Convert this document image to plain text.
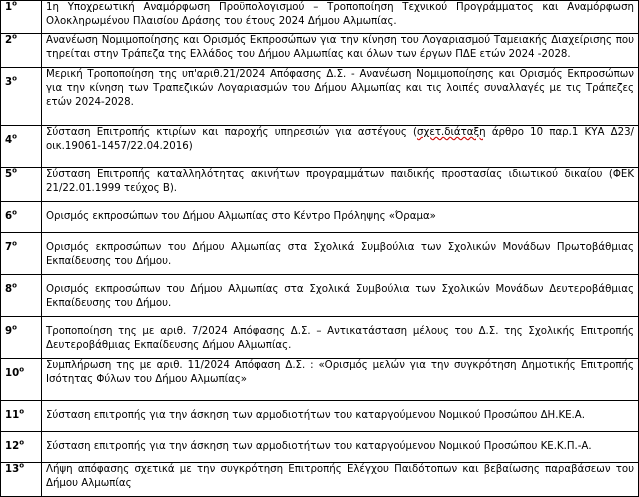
$1^o$	1η Υποχρεωτική Αναμόρφωση Προϋπολογισμού – Τροποποίηση Τεχνικού Προγράμματος και Αναμόρφωση Ολοκληρωμένου Πλαισίου Δράσης του έτους 2024 Δήμου Αλμωπίας.
$2^o$	Ανανέωση Νομιμοποίησης και Ορισμός Εκπροσώπων για την κίνηση του Λογαριασμού Ταμειακής Διαχείρισης που τηρείται στην Τράπεζα της Ελλάδος του Δήμου Αλμωπίας και όλων των έργων ΠΔΕ ετών 2024 -2028.
$3^o$	Μερική Τροποποίηση της υπ'αριθ.21/2024 Απόφασης Δ.Σ. - Ανανέωση Νομιμοποίησης και Ορισμός Εκπροσώπων για την κίνηση των Τραπεζικών Λογαριασμών του Δήμου Αλμωπίας και τις λοιπές συναλλαγές με τις Τράπεζες ετών 2024-2028.
$4^o$	Σύσταση Επιτροπής κτιρίων και παροχής υπηρεσιών για αστέγους (σχετ.διάταξη άρθρο 10 παρ.1 ΚΥΑ Δ23/οικ.19061-1457/22.04.2016)
$5^o$	Σύσταση Επιτροπής καταλληλότητας ακινήτων προγραμμάτων παιδικής προστασίας ιδιωτικού δικαίου (ΦΕΚ 21/22.01.1999 τεύχος Β).
$6^o$	Ορισμός εκπροσώπων του Δήμου Αλμωπίας στο Κέντρο Πρόληψης «Όραμα»
$7^o$	Ορισμός εκπροσώπων του Δήμου Αλμωπίας στα Σχολικά Συμβούλια των Σχολικών Μονάδων Πρωτοβάθμιας Εκπαίδευσης του Δήμου.
$8^o$	Ορισμός εκπροσώπων του Δήμου Αλμωπίας στα Σχολικά Συμβούλια των Σχολικών Μονάδων Δευτεροβάθμιας Εκπαίδευσης του Δήμου.
$9^o$	Τροποποίηση της με αριθ. 7/2024 Απόφασης Δ.Σ. – Αντικατάσταση μέλους του Δ.Σ. της Σχολικής Επιτροπής Δευτεροβάθμιας Εκπαίδευσης Δήμου Αλμωπίας.
$10^o$	Συμπλήρωση της με αριθ. 11/2024 Απόφαση Δ.Σ. : «Ορισμός μελών για την συγκρότηση Δημοτικής Επιτροπής Ισότητας Φύλων του Δήμου Αλμωπίας»
$11^o$	Σύσταση επιτροπής για την άσκηση των αρμοδιοτήτων του καταργούμενου Νομικού Προσώπου ΔΗ.ΚΕ.Α.
$12^o$	Σύσταση επιτροπής για την άσκηση των αρμοδιοτήτων του καταργούμενου Νομικού Προσώπου ΚΕ.Κ.Π.-Α.
$13^o$	Λήψη απόφασης σχετικά με την συγκρότηση Επιτροπής Ελέγχου Παιδότοπων και βεβαίωσης παραβάσεων του Δήμου Αλμωπίας
